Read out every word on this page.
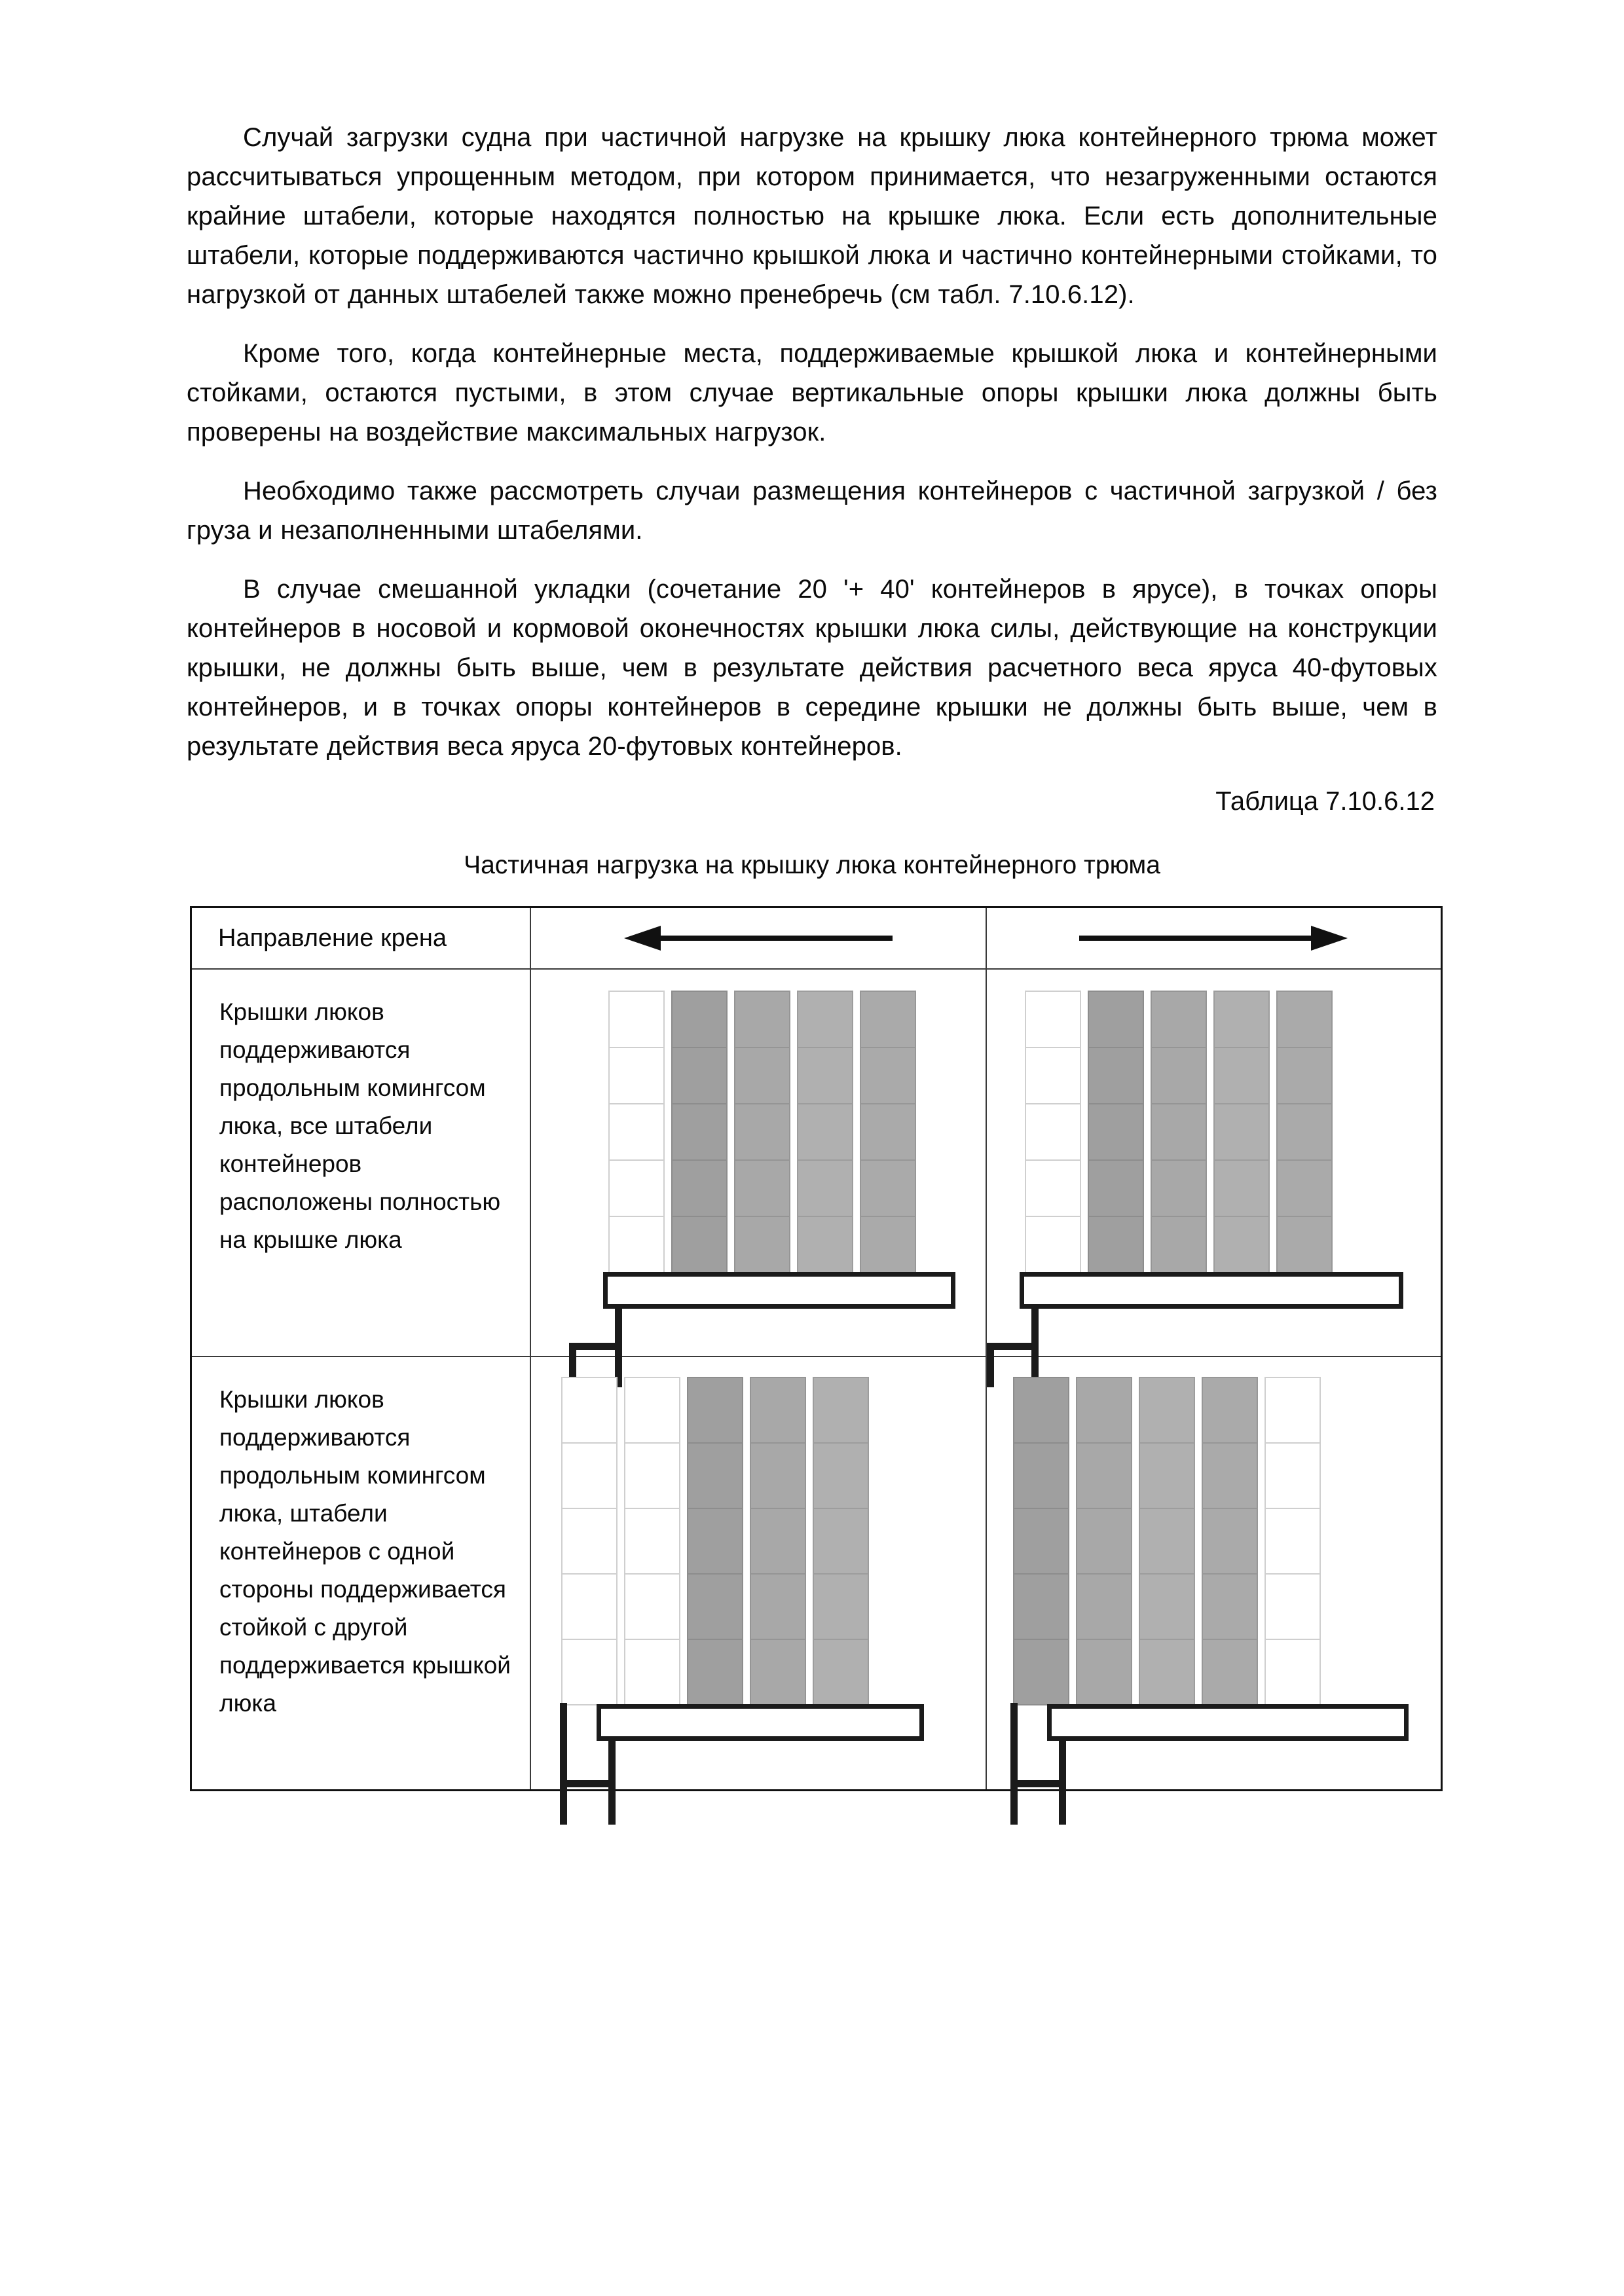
Случай загрузки судна при частичной нагрузке на крышку люка контейнерного трюма может рассчитываться упрощенным методом, при котором принимается, что незагруженными остаются крайние штабели, которые находятся полностью на крышке люка. Если есть дополнительные штабели, которые поддерживаются частично крышкой люка и частично контейнерными стойками, то нагрузкой от данных штабелей также можно пренебречь (см табл. 7.10.6.12).

Кроме того, когда контейнерные места, поддерживаемые крышкой люка и контейнерными стойками, остаются пустыми, в этом случае вертикальные опоры крышки люка должны быть проверены на воздействие максимальных нагрузок.

Необходимо также рассмотреть случаи размещения контейнеров с частичной загрузкой / без груза и незаполненными штабелями.

В случае смешанной укладки (сочетание 20 '+ 40' контейнеров в ярусе), в точках опоры контейнеров в носовой и кормовой оконечностях крышки люка силы, действующие на конструкции крышки, не должны быть выше, чем в результате действия расчетного веса яруса 40-футовых контейнеров, и в точках опоры контейнеров в середине крышки не должны быть выше, чем в результате действия веса яруса 20-футовых контейнеров.

Таблица 7.10.6.12

Частичная нагрузка на крышку люка контейнерного трюма

Направление крена		

Крышки люков поддерживаются продольным комингсом люка, все штабели контейнеров расположены полностью на крышке люка		

Крышки люков поддерживаются продольным комингсом люка, штабели контейнеров с одной стороны поддерживается стойкой с другой поддерживается крышкой люка		
